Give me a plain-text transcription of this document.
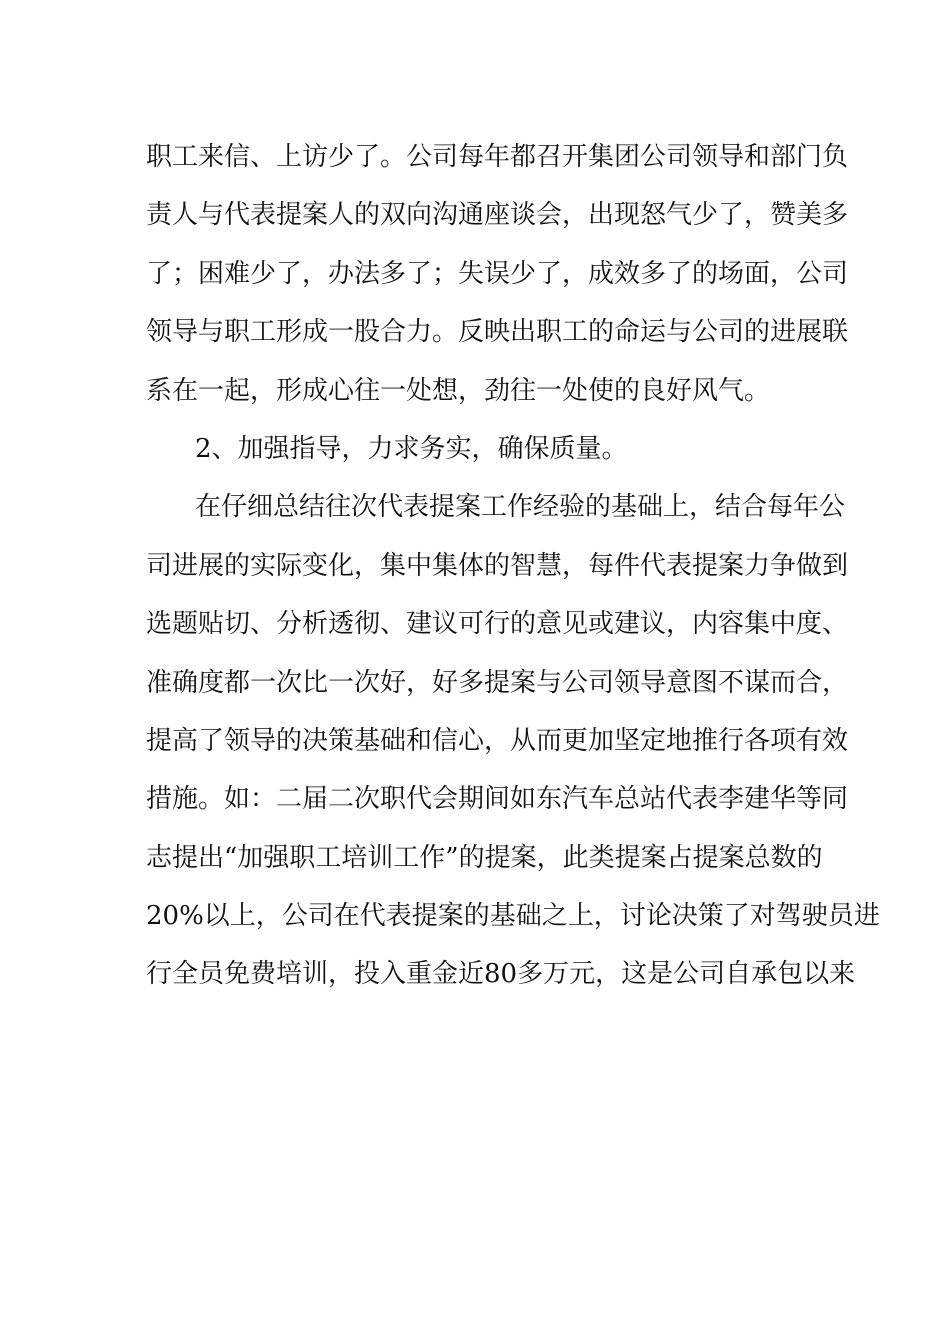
职工来信、上访少了。公司每年都召开集团公司领导和部门负
责人与代表提案人的双向沟通座谈会，出现怒气少了，赞美多
了；困难少了，办法多了；失误少了，成效多了的场面，公司
领导与职工形成一股合力。反映出职工的命运与公司的进展联
系在一起，形成心往一处想，劲往一处使的良好风气。
2、加强指导，力求务实，确保质量。
在仔细总结往次代表提案工作经验的基础上，结合每年公
司进展的实际变化，集中集体的智慧，每件代表提案力争做到
选题贴切、分析透彻、建议可行的意见或建议，内容集中度、
准确度都一次比一次好，好多提案与公司领导意图不谋而合，
提高了领导的决策基础和信心，从而更加坚定地推行各项有效
措施。如：二届二次职代会期间如东汽车总站代表李建华等同
志提出“加强职工培训工作”的提案，此类提案占提案总数的
20%以上，公司在代表提案的基础之上，讨论决策了对驾驶员进
行全员免费培训，投入重金近80多万元，这是公司自承包以来
